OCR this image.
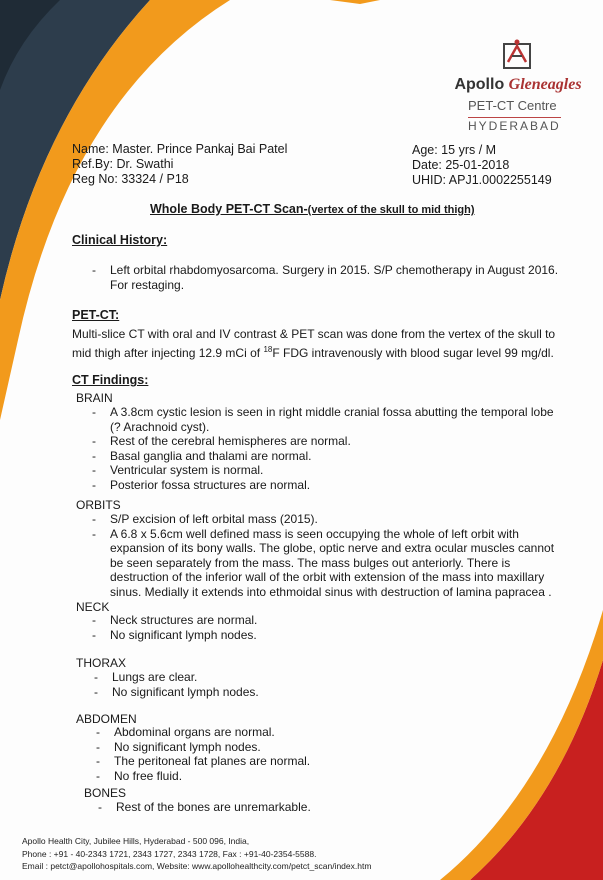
Apollo Gleneagles
PET-CT Centre
HYDERABAD
Name: Master. Prince Pankaj Bai Patel
Ref.By: Dr. Swathi
Reg No: 33324 / P18
Age: 15 yrs / M
Date: 25-01-2018
UHID: APJ1.0002255149
Whole Body PET-CT Scan-(vertex of the skull to mid thigh)
Clinical History:
- Left orbital rhabdomyosarcoma. Surgery in 2015. S/P chemotherapy in August 2016.
For restaging.
PET-CT:
Multi-slice CT with oral and IV contrast & PET scan was done from the vertex of the skull to
mid thigh after injecting 12.9 mCi of $^{18}$F FDG intravenously with blood sugar level 99 mg/dl.
CT Findings:
BRAIN
- A 3.8cm cystic lesion is seen in right middle cranial fossa abutting the temporal lobe
(? Arachnoid cyst).
- Rest of the cerebral hemispheres are normal.
- Basal ganglia and thalami are normal.
- Ventricular system is normal.
- Posterior fossa structures are normal.
ORBITS
- S/P excision of left orbital mass (2015).
- A 6.8 x 5.6cm well defined mass is seen occupying the whole of left orbit with
expansion of its bony walls. The globe, optic nerve and extra ocular muscles cannot
be seen separately from the mass. The mass bulges out anteriorly. There is
destruction of the inferior wall of the orbit with extension of the mass into maxillary
sinus. Medially it extends into ethmoidal sinus with destruction of lamina papracea .
NECK
- Neck structures are normal.
- No significant lymph nodes.
THORAX
- Lungs are clear.
- No significant lymph nodes.
ABDOMEN
- Abdominal organs are normal.
- No significant lymph nodes.
- The peritoneal fat planes are normal.
- No free fluid.
BONES
- Rest of the bones are unremarkable.
Apollo Health City, Jubilee Hills, Hyderabad - 500 096, India,
Phone : +91 - 40-2343 1721, 2343 1727, 2343 1728, Fax : +91-40-2354-5588.
Email : petct@apollohospitals.com, Website: www.apollohealthcity.com/petct_scan/index.htm
